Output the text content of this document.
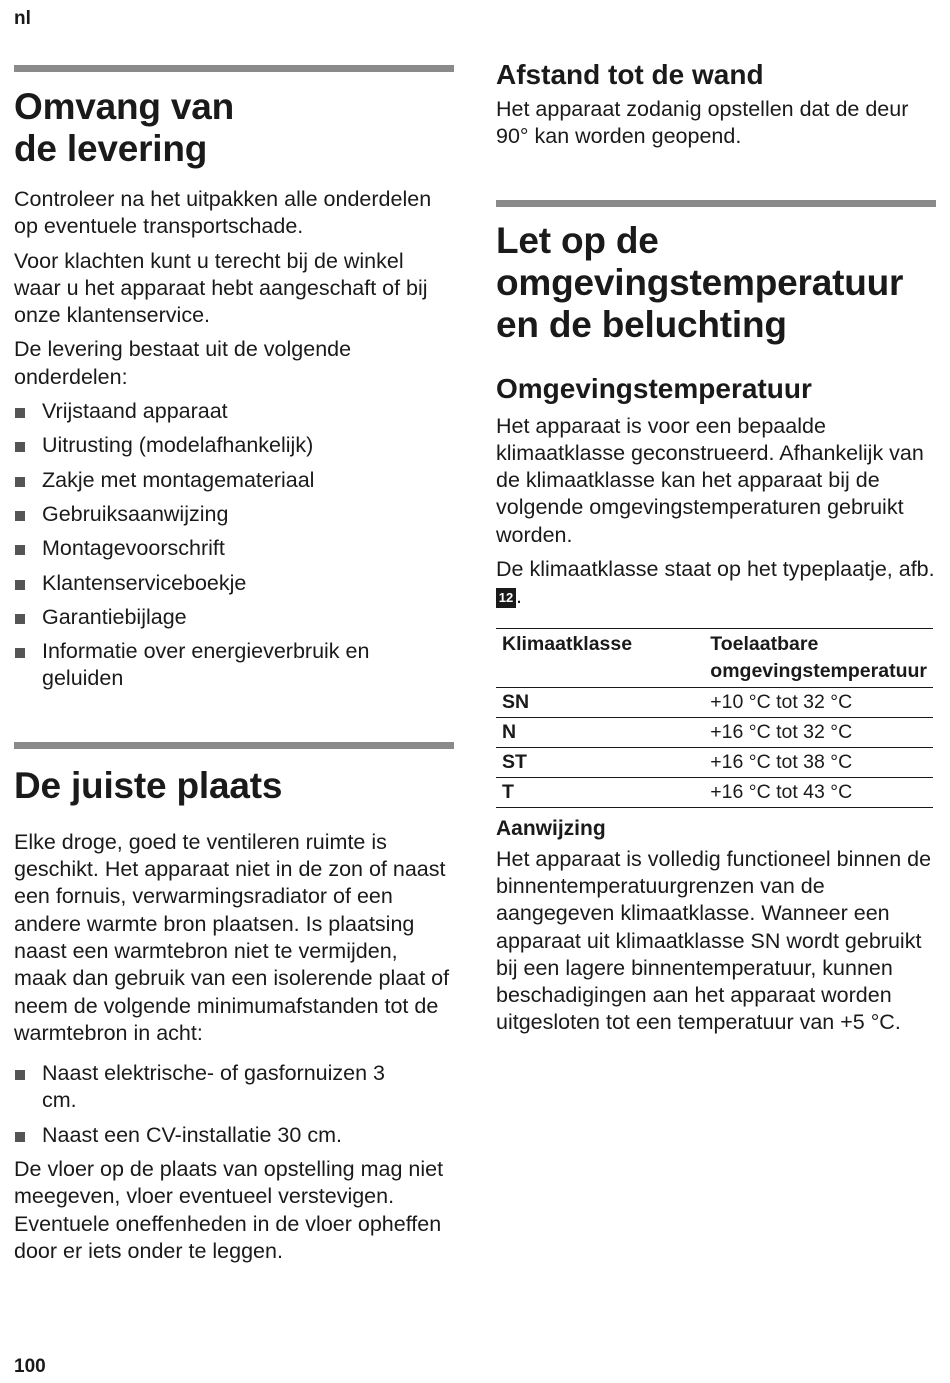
nl
Omvang van
de levering

Controleer na het uitpakken alle onderdelen op eventuele transportschade.

Voor klachten kunt u terecht bij de winkel waar u het apparaat hebt aangeschaft of bij onze klantenservice.

De levering bestaat uit de volgende onderdelen:

Vrijstaand apparaat
Uitrusting (modelafhankelijk)
Zakje met montagemateriaal
Gebruiksaanwijzing
Montagevoorschrift
Klantenserviceboekje
Garantiebijlage
Informatie over energieverbruik en geluiden
De juiste plaats

Elke droge, goed te ventileren ruimte is geschikt. Het apparaat niet in de zon of naast een fornuis, verwarmingsradiator of een andere warmte bron plaatsen. Is plaatsing naast een warmtebron niet te vermijden, maak dan gebruik van een isolerende plaat of neem de volgende minimumafstanden tot de warmtebron in acht:

Naast elektrische- of gasfornuizen 3 cm.
Naast een CV-installatie 30 cm.

De vloer op de plaats van opstelling mag niet meegeven, vloer eventueel verstevigen. Eventuele oneffenheden in de vloer opheffen door er iets onder te leggen.

Afstand tot de wand

Het apparaat zodanig opstellen dat de deur 90° kan worden geopend.

Let op de
omgevingstemperatuur
en de beluchting
Omgevingstemperatuur

Het apparaat is voor een bepaalde klimaatklasse geconstrueerd. Afhankelijk van de klimaatklasse kan het apparaat bij de volgende omgevingstemperaturen gebruikt worden.

De klimaatklasse staat op het typeplaatje, afb. 12 .

Klimaatklasse	Toelaatbare
omgevingstemperatuur
SN	+10 °C tot 32 °C
N	+16 °C tot 32 °C
ST	+16 °C tot 38 °C
T	+16 °C tot 43 °C
Aanwijzing

Het apparaat is volledig functioneel binnen de binnentemperatuurgrenzen van de aangegeven klimaatklasse. Wanneer een apparaat uit klimaatklasse SN wordt gebruikt bij een lagere binnentemperatuur, kunnen beschadigingen aan het apparaat worden uitgesloten tot een temperatuur van +5 °C.

100
